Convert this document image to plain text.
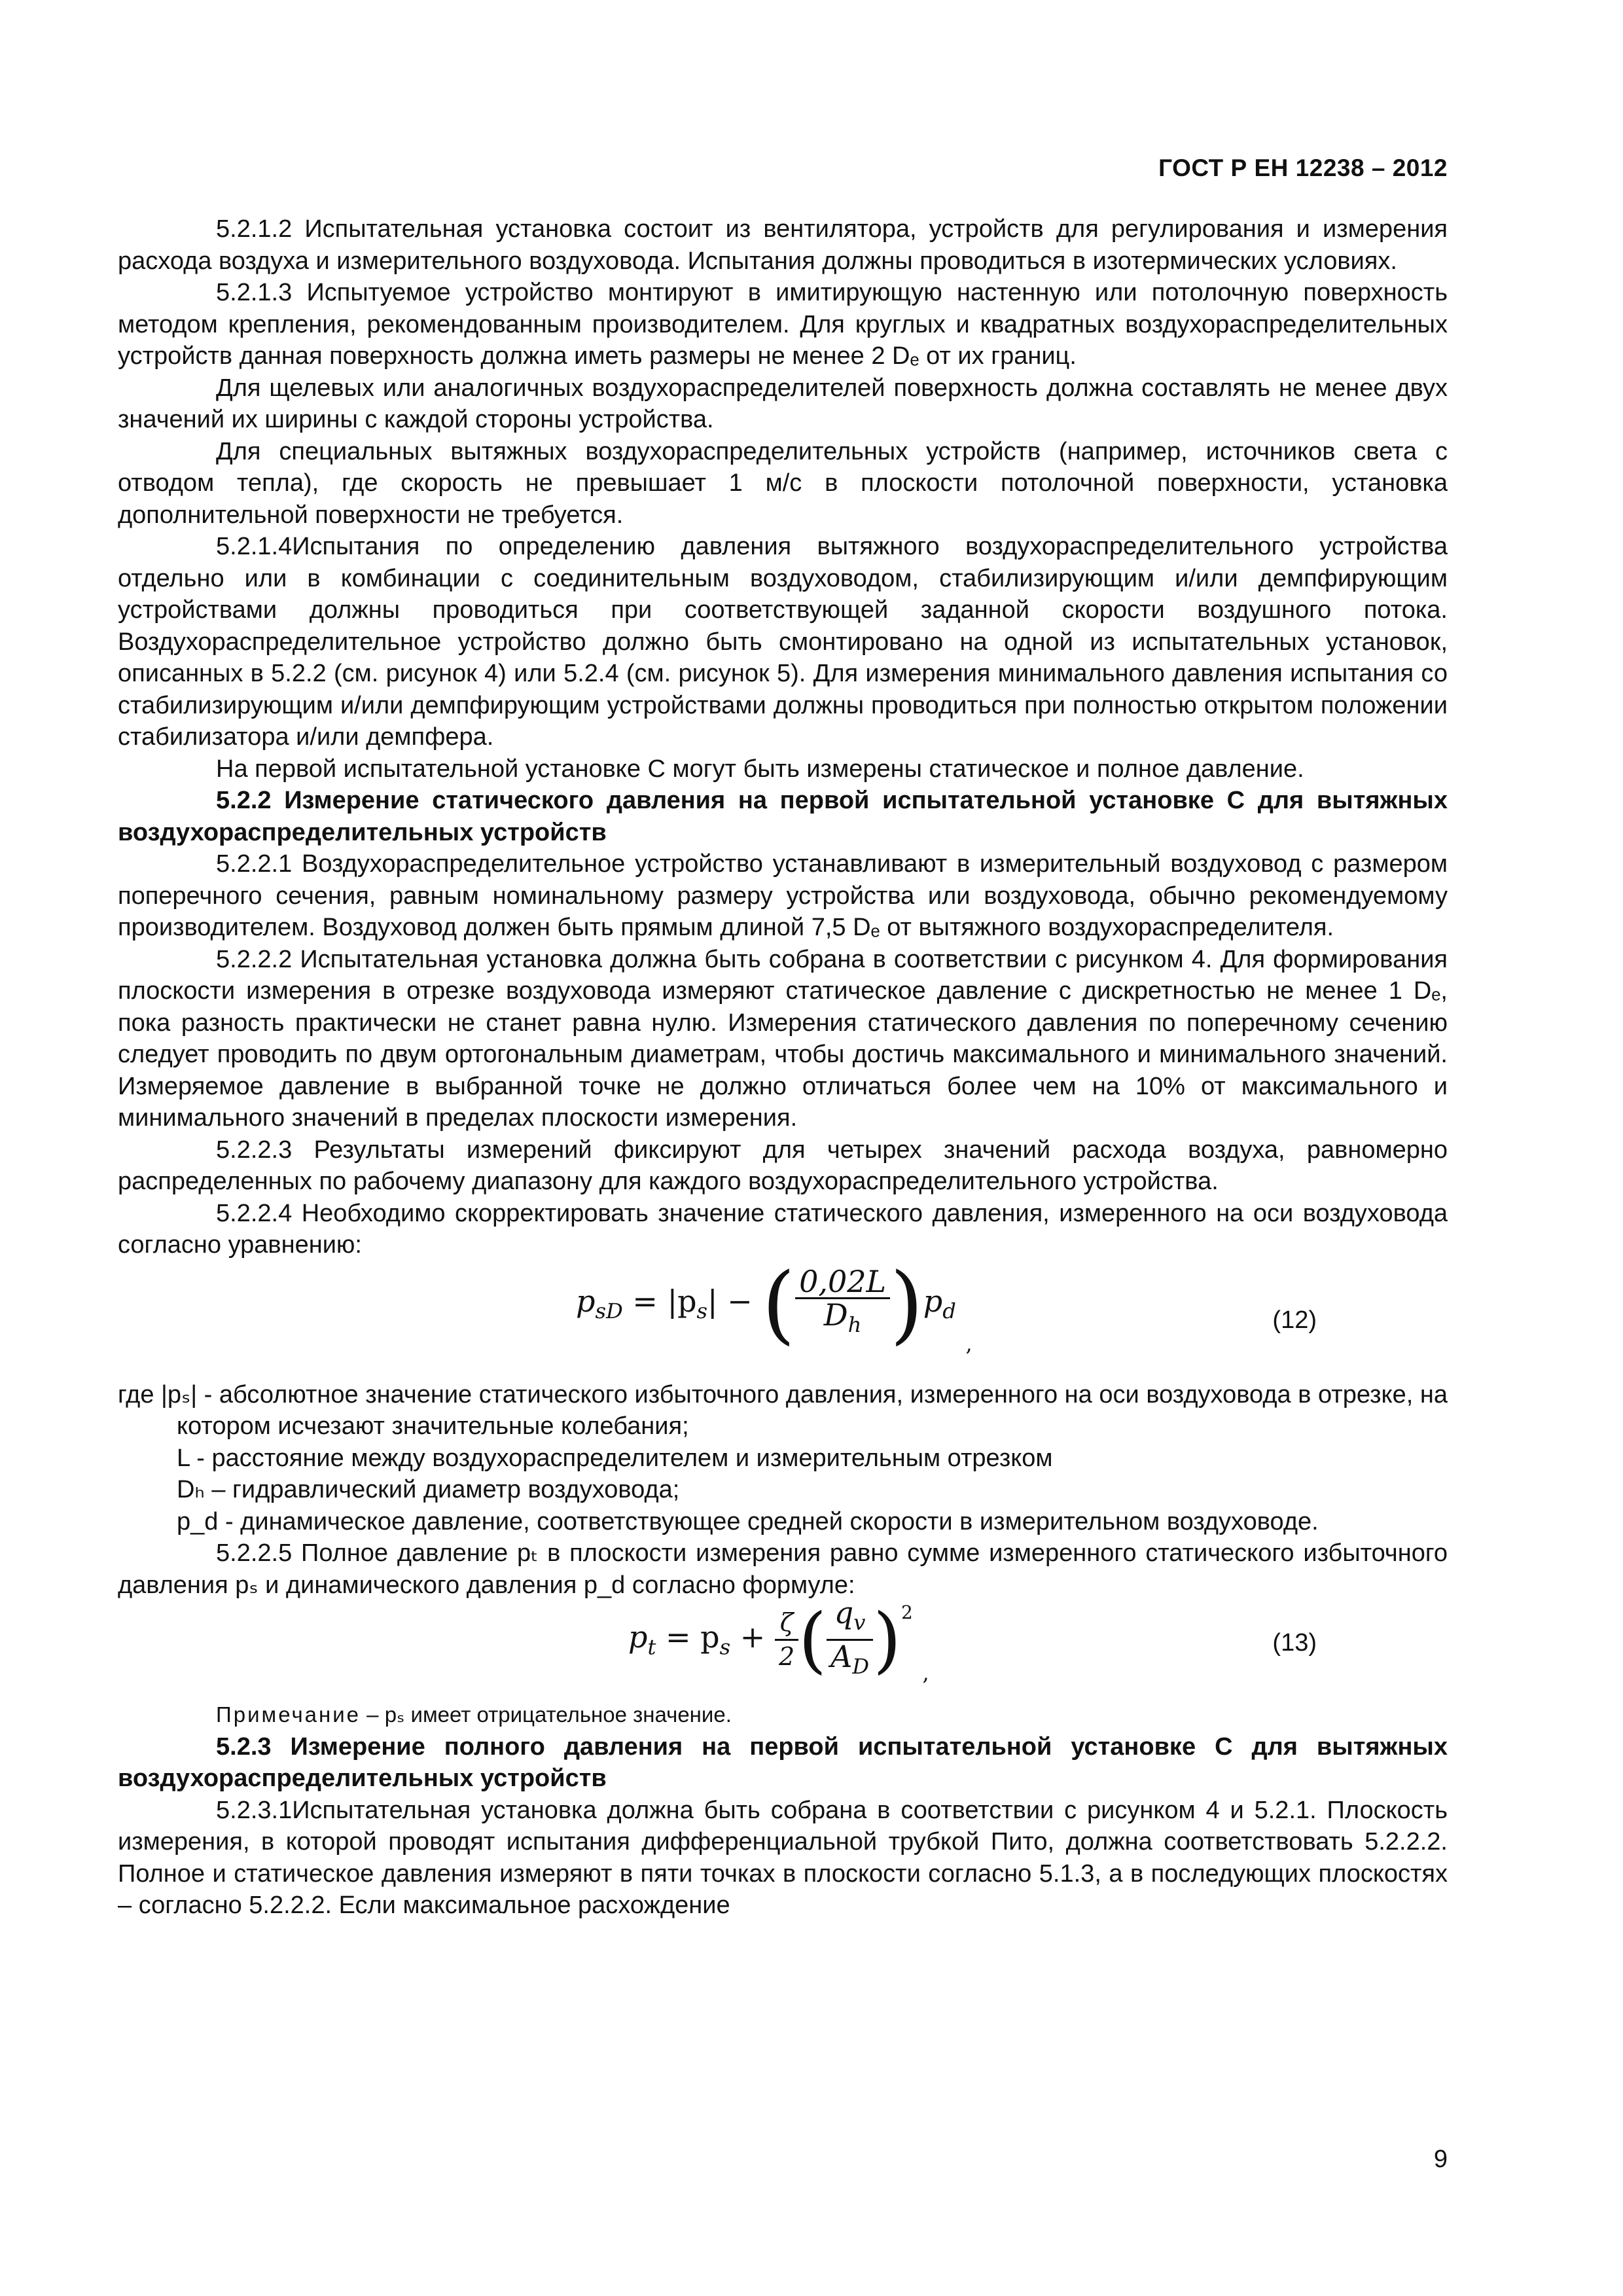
ГОСТ Р ЕН 12238 – 2012

5.2.1.2 Испытательная установка состоит из вентилятора, устройств для регулирования и измерения расхода воздуха и измерительного воздуховода. Испытания должны проводиться в изотермических условиях.

5.2.1.3 Испытуемое устройство монтируют в имитирующую настенную или потолочную поверхность методом крепления, рекомендованным производителем. Для круглых и квадратных воздухораспределительных устройств данная поверхность должна иметь размеры не менее 2 Dₑ от их границ.

Для щелевых или аналогичных воздухораспределителей поверхность должна составлять не менее двух значений их ширины с каждой стороны устройства.

Для специальных вытяжных воздухораспределительных устройств (например, источников света с отводом тепла), где скорость не превышает 1 м/с в плоскости потолочной поверхности, установка дополнительной поверхности не требуется.

5.2.1.4Испытания по определению давления вытяжного воздухораспределительного устройства отдельно или в комбинации с соединительным воздуховодом, стабилизирующим и/или демпфирующим устройствами должны проводиться при соответствующей заданной скорости воздушного потока. Воздухораспределительное устройство должно быть смонтировано на одной из испытательных установок, описанных в 5.2.2 (см. рисунок 4) или 5.2.4 (см. рисунок 5). Для измерения минимального давления испытания со стабилизирующим и/или демпфирующим устройствами должны проводиться при полностью открытом положении стабилизатора и/или демпфера.

На первой испытательной установке С могут быть измерены статическое и полное давление.

5.2.2 Измерение статического давления на первой испытательной установке С для вытяжных воздухораспределительных устройств

5.2.2.1 Воздухораспределительное устройство устанавливают в измерительный воздуховод с размером поперечного сечения, равным номинальному размеру устройства или воздуховода, обычно рекомендуемому производителем. Воздуховод должен быть прямым длиной 7,5 Dₑ от вытяжного воздухораспределителя.

5.2.2.2 Испытательная установка должна быть собрана в соответствии с рисунком 4. Для формирования плоскости измерения в отрезке воздуховода измеряют статическое давление с дискретностью не менее 1 Dₑ, пока разность практически не станет равна нулю. Измерения статического давления по поперечному сечению следует проводить по двум ортогональным диаметрам, чтобы достичь максимального и минимального значений. Измеряемое давление в выбранной точке не должно отличаться более чем на 10% от максимального и минимального значений в пределах плоскости измерения.

5.2.2.3 Результаты измерений фиксируют для четырех значений расхода воздуха, равномерно распределенных по рабочему диапазону для каждого воздухораспределительного устройства.

5.2.2.4 Необходимо скорректировать значение статического давления, измеренного на оси воздуховода согласно уравнению:

$p_{sD} = |p_s|$ − ( $\frac{0,02L}{D_h} )p_d$ $_,$
(12)

где |pₛ| - абсолютное значение статического избыточного давления, измеренного на оси воздуховода в отрезке, на котором исчезают значительные колебания;

L - расстояние между воздухораспределителем и измерительным отрезком

Dₕ – гидравлический диаметр воздуховода;

p_d - динамическое давление, соответствующее средней скорости в измерительном воздуховоде.

5.2.2.5 Полное давление pₜ в плоскости измерения равно сумме измеренного статического избыточного давления pₛ и динамического давления p_d согласно формуле:

$p_t = p_s + \frac{\zeta}{2}$ ( $\frac{q_v}{A_D} )^2$ $_,$
(13)

Примечание – pₛ имеет отрицательное значение.

5.2.3 Измерение полного давления на первой испытательной установке С для вытяжных воздухораспределительных устройств

5.2.3.1Испытательная установка должна быть собрана в соответствии с рисунком 4 и 5.2.1. Плоскость измерения, в которой проводят испытания дифференциальной трубкой Пито, должна соответствовать 5.2.2.2. Полное и статическое давления измеряют в пяти точках в плоскости согласно 5.1.3, а в последующих плоскостях – согласно 5.2.2.2. Если максимальное расхождение

9
